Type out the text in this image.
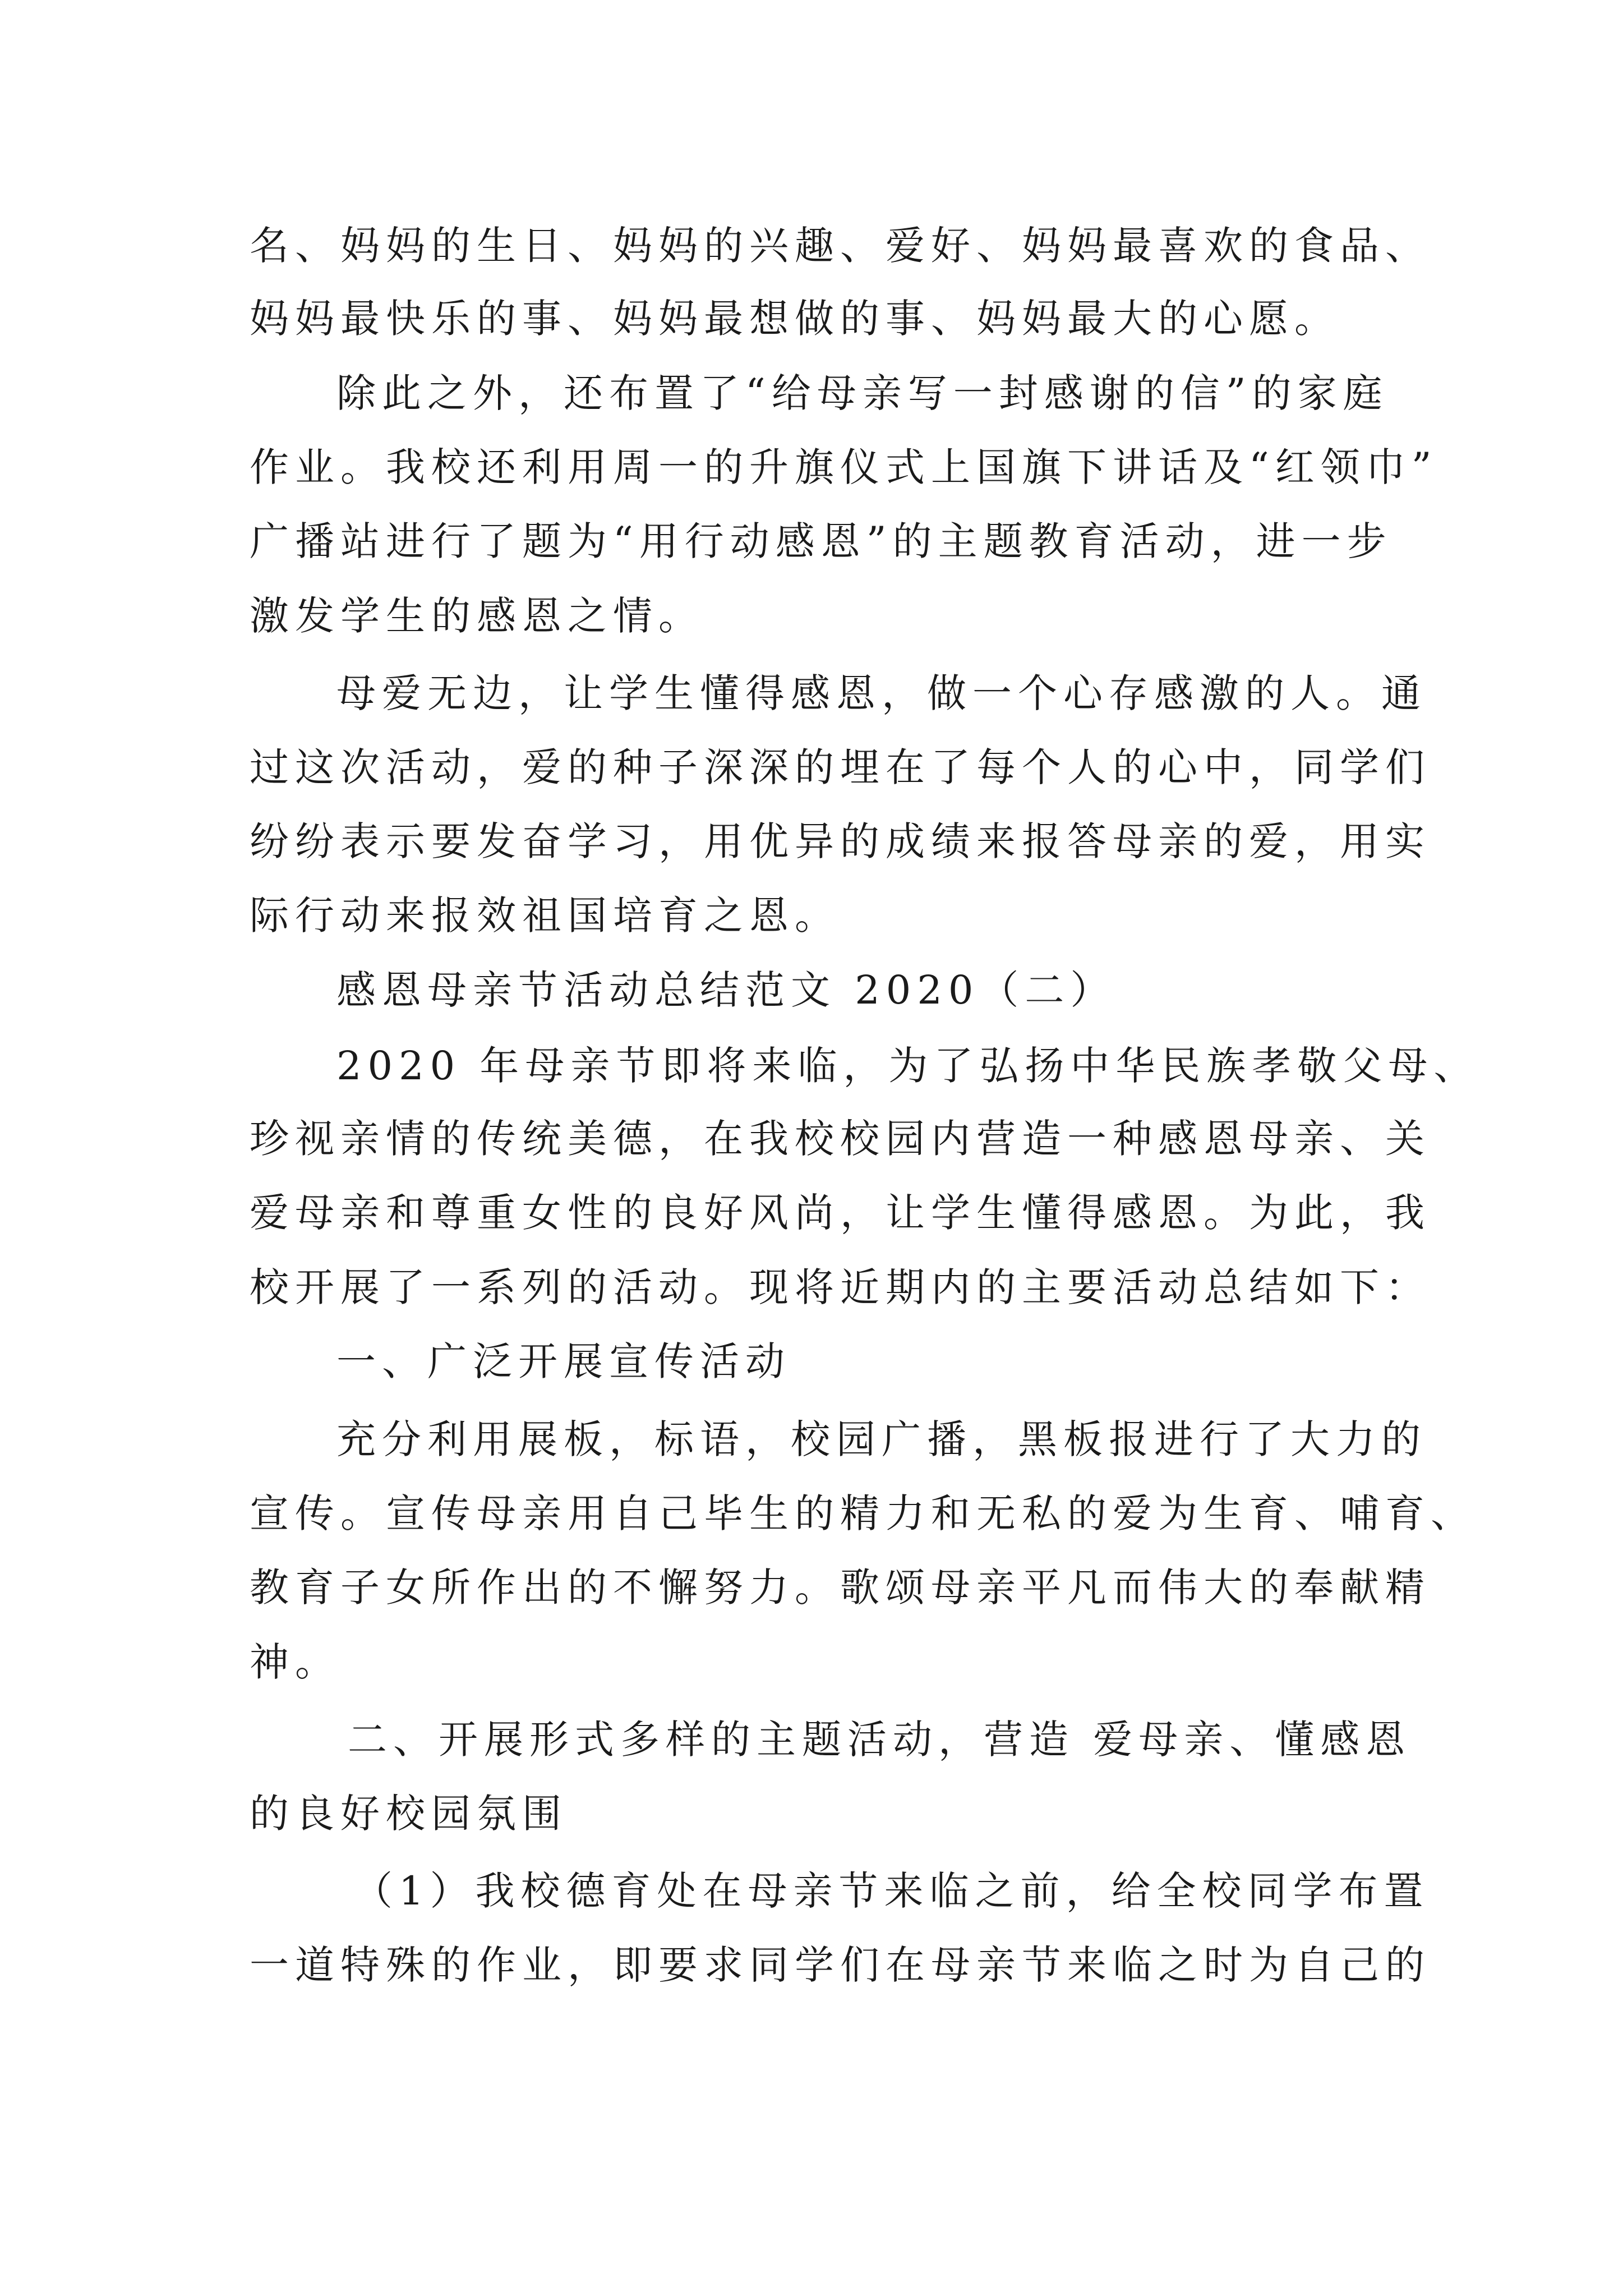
名、妈妈的生日、妈妈的兴趣、爱好、妈妈最喜欢的食品、

妈妈最快乐的事、妈妈最想做的事、妈妈最大的心愿。

除此之外，还布置了“给母亲写一封感谢的信”的家庭

作业。我校还利用周一的升旗仪式上国旗下讲话及“红领巾”

广播站进行了题为“用行动感恩”的主题教育活动，进一步

激发学生的感恩之情。

母爱无边，让学生懂得感恩，做一个心存感激的人。通

过这次活动，爱的种子深深的埋在了每个人的心中，同学们

纷纷表示要发奋学习，用优异的成绩来报答母亲的爱，用实

际行动来报效祖国培育之恩。

感恩母亲节活动总结范文 2020（二）

2020 年母亲节即将来临，为了弘扬中华民族孝敬父母、

珍视亲情的传统美德，在我校校园内营造一种感恩母亲、关

爱母亲和尊重女性的良好风尚，让学生懂得感恩。为此，我

校开展了一系列的活动。现将近期内的主要活动总结如下：

一、广泛开展宣传活动

充分利用展板，标语，校园广播，黑板报进行了大力的

宣传。宣传母亲用自己毕生的精力和无私的爱为生育、哺育、

教育子女所作出的不懈努力。歌颂母亲平凡而伟大的奉献精

神。

二、开展形式多样的主题活动，营造 爱母亲、懂感恩

的良好校园氛围

（1）我校德育处在母亲节来临之前，给全校同学布置

一道特殊的作业，即要求同学们在母亲节来临之时为自己的
